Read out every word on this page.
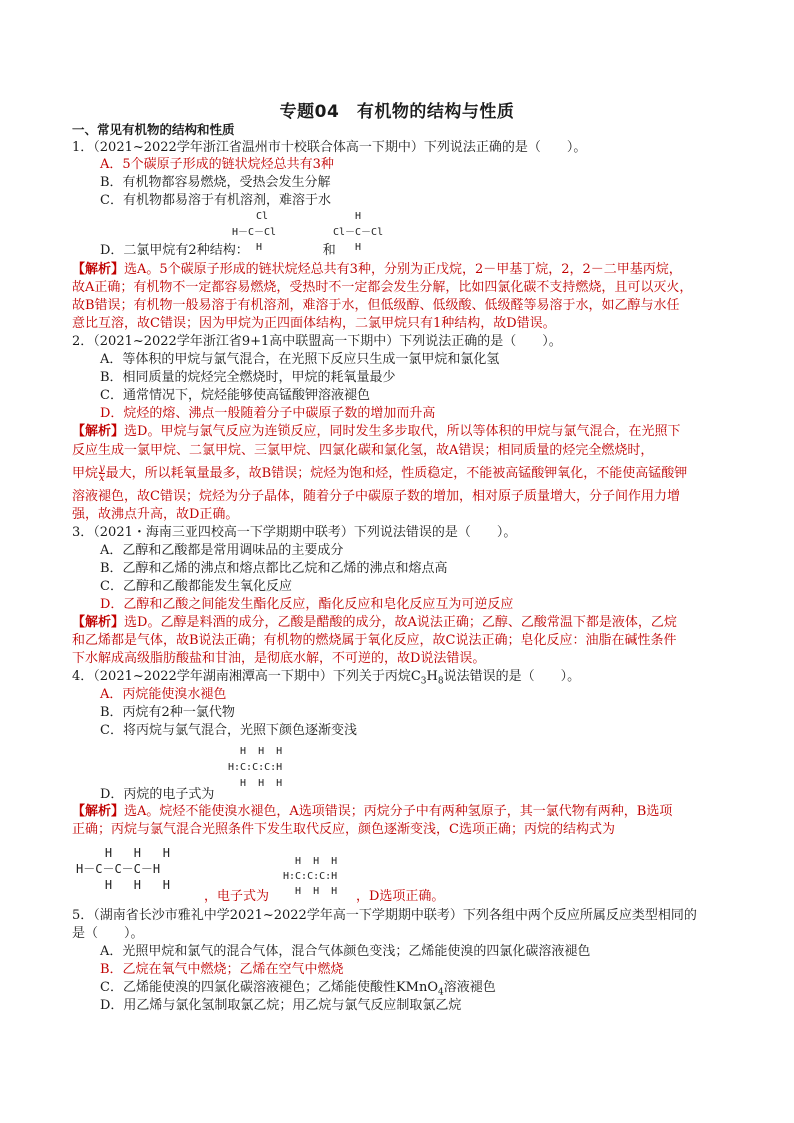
专题04　有机物的结构与性质
一、常见有机物的结构和性质
1．（2021~2022学年浙江省温州市十校联合体高一下期中）下列说法正确的是（　　）。
A．5个碳原子形成的链状烷烃总共有3种
B．有机物都容易燃烧，受热会发生分解
C．有机物都易溶于有机溶剂，难溶于水
Cl
H－C－Cl
H
H
Cl－C－Cl
H
D．二氯甲烷有2种结构：	和
【解析】选A。5个碳原子形成的链状烷烃总共有3种，分别为正戊烷，2－甲基丁烷，2，2－二甲基丙烷，
故A正确；有机物不一定都容易燃烧，受热时不一定都会发生分解，比如四氯化碳不支持燃烧，且可以灭火，
故B错误；有机物一般易溶于有机溶剂，难溶于水，但低级醇、低级酸、低级醛等易溶于水，如乙醇与水任
意比互溶，故C错误；因为甲烷为正四面体结构，二氯甲烷只有1种结构，故D错误。
2．（2021~2022学年浙江省9+1高中联盟高一下期中）下列说法正确的是（　　）。
A．等体积的甲烷与氯气混合，在光照下反应只生成一氯甲烷和氯化氢
B．相同质量的烷烃完全燃烧时，甲烷的耗氧量最少
C．通常情况下，烷烃能够使高锰酸钾溶液褪色
D．烷烃的熔、沸点一般随着分子中碳原子数的增加而升高
【解析】选D。甲烷与氯气反应为连锁反应，同时发生多步取代，所以等体积的甲烷与氯气混合，在光照下
反应生成一氯甲烷、二氯甲烷、三氯甲烷、四氯化碳和氯化氢，故A错误；相同质量的烃完全燃烧时，
甲烷 $\frac{y}{x}$ 最大，所以耗氧量最多，故B错误；烷烃为饱和烃，性质稳定，不能被高锰酸钾氧化，不能使高锰酸钾
溶液褪色，故C错误；烷烃为分子晶体，随着分子中碳原子数的增加，相对原子质量增大，分子间作用力增
强，故沸点升高，故D正确。
3．（2021・海南三亚四校高一下学期期中联考）下列说法错误的是（　　）。
A．乙醇和乙酸都是常用调味品的主要成分
B．乙醇和乙烯的沸点和熔点都比乙烷和乙烯的沸点和熔点高
C．乙醇和乙酸都能发生氧化反应
D．乙醇和乙酸之间能发生酯化反应，酯化反应和皂化反应互为可逆反应
【解析】选D。乙醇是料酒的成分，乙酸是醋酸的成分，故A说法正确；乙醇、乙酸常温下都是液体，乙烷
和乙烯都是气体，故B说法正确；有机物的燃烧属于氧化反应，故C说法正确；皂化反应：油脂在碱性条件
下水解成高级脂肪酸盐和甘油，是彻底水解，不可逆的，故D说法错误。
4．（2021~2022学年湖南湘潭高一下期中）下列关于丙烷$C_3H_8$说法错误的是（　　）。
A．丙烷能使溴水褪色
B．丙烷有2种一氯代物
C．将丙烷与氯气混合，光照下颜色逐渐变浅
H  H  H
H:C:C:C:H
H  H  H
D．丙烷的电子式为
【解析】选A。烷烃不能使溴水褪色，A选项错误；丙烷分子中有两种氢原子，其一氯代物有两种，B选项
正确；丙烷与氯气混合光照条件下发生取代反应，颜色逐渐变浅，C选项正确；丙烷的结构式为
H   H   H
H－C－C－C－H
H   H   H
H  H  H
H:C:C:C:H
H  H  H
，电子式为	，D选项正确。
5．（湖南省长沙市雅礼中学2021~2022学年高一下学期期中联考）下列各组中两个反应所属反应类型相同的
是（　　）。
A．光照甲烷和氯气的混合气体，混合气体颜色变浅；乙烯能使溴的四氯化碳溶液褪色
B．乙烷在氧气中燃烧；乙烯在空气中燃烧
C．乙烯能使溴的四氯化碳溶液褪色；乙烯能使酸性KMnO$_4$溶液褪色
D．用乙烯与氯化氢制取氯乙烷；用乙烷与氯气反应制取氯乙烷
